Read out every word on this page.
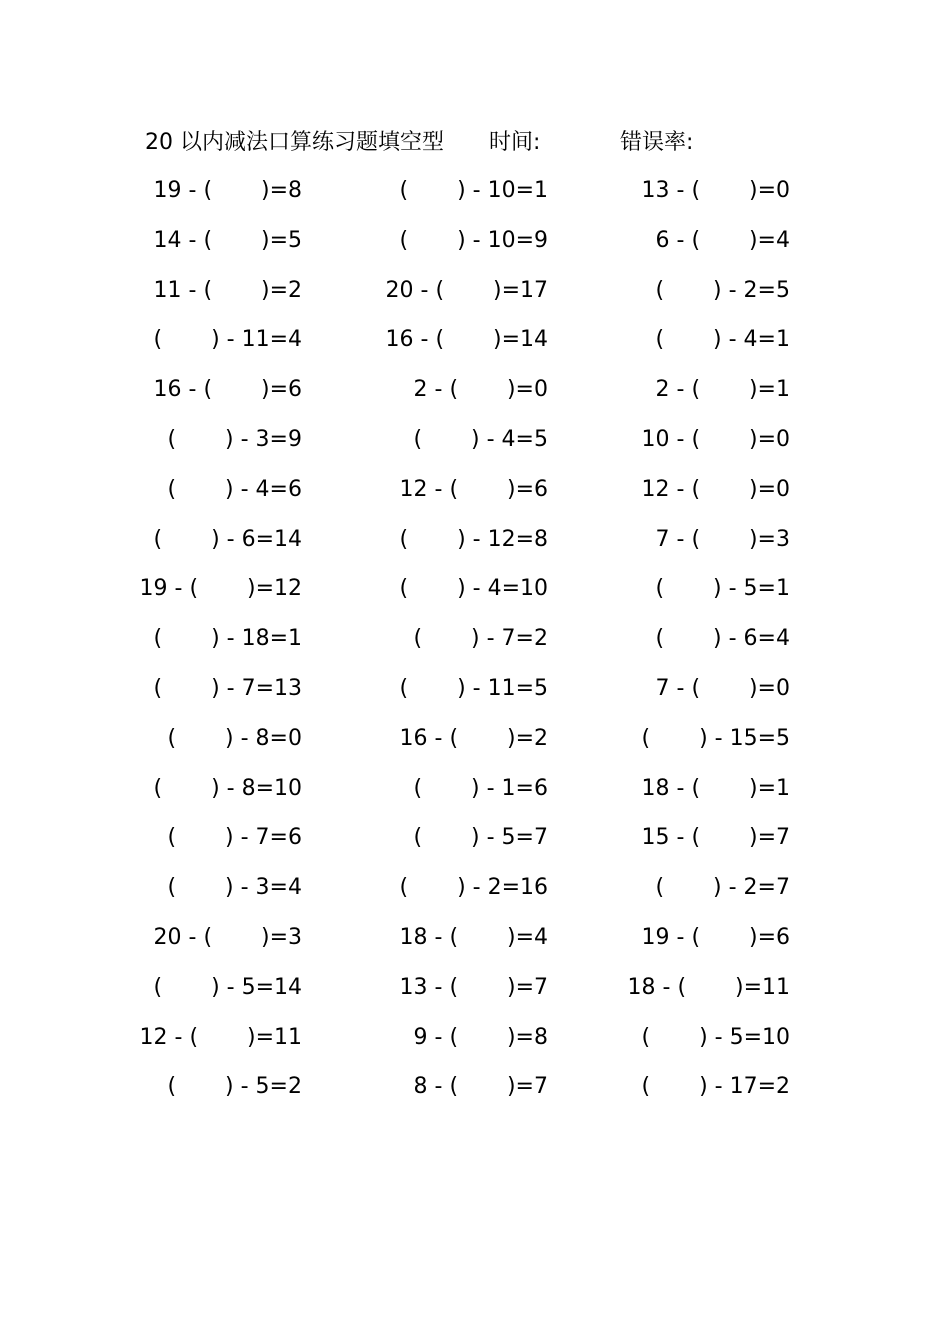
20 以内减法口算练习题填空型 时间:	错误率:
19 - (       )=8	(       ) - 10=1	13 - (       )=0
14 - (       )=5	(       ) - 10=9	6 - (       )=4
11 - (       )=2	20 - (       )=17	(       ) - 2=5
(       ) - 11=4	16 - (       )=14	(       ) - 4=1
16 - (       )=6	2 - (       )=0	2 - (       )=1
(       ) - 3=9	(       ) - 4=5	10 - (       )=0
(       ) - 4=6	12 - (       )=6	12 - (       )=0
(       ) - 6=14	(       ) - 12=8	7 - (       )=3
19 - (       )=12	(       ) - 4=10	(       ) - 5=1
(       ) - 18=1	(       ) - 7=2	(       ) - 6=4
(       ) - 7=13	(       ) - 11=5	7 - (       )=0
(       ) - 8=0	16 - (       )=2	(       ) - 15=5
(       ) - 8=10	(       ) - 1=6	18 - (       )=1
(       ) - 7=6	(       ) - 5=7	15 - (       )=7
(       ) - 3=4	(       ) - 2=16	(       ) - 2=7
20 - (       )=3	18 - (       )=4	19 - (       )=6
(       ) - 5=14	13 - (       )=7	18 - (       )=11
12 - (       )=11	9 - (       )=8	(       ) - 5=10
(       ) - 5=2	8 - (       )=7	(       ) - 17=2
